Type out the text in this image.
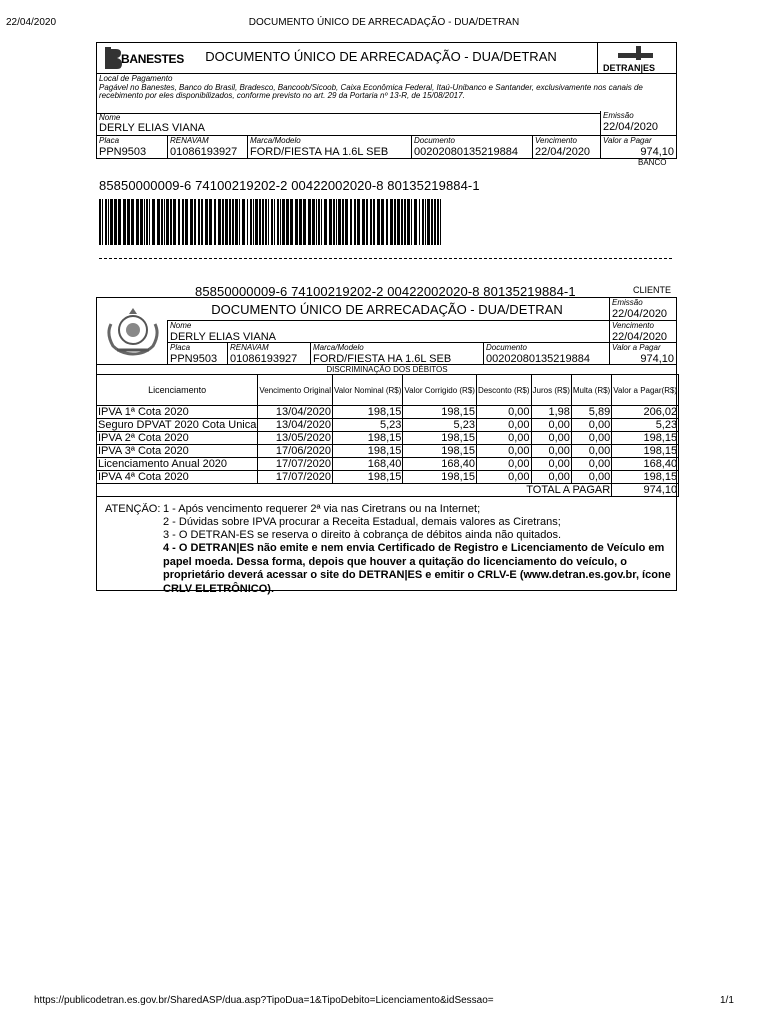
22/04/2020	DOCUMENTO ÚNICO DE ARRECADAÇÃO - DUA/DETRAN
BANESTES	DOCUMENTO ÚNICO DE ARRECADAÇÃO - DUA/DETRAN
DETRAN|ES
Local de Pagamento
Pagável no Banestes, Banco do Brasil, Bradesco, Bancoob/Sicoob, Caixa Econômica Federal, Itaú-Unibanco e Santander, exclusivamente nos canais de recebimento por eles disponibilizados, conforme previsto no art. 29 da Portaria nº 13-R, de 15/08/2017.
Nome
DERLY ELIAS VIANA
Emissão
22/04/2020
Placa
PPN9503
RENAVAM
01086193927
Marca/Modelo
FORD/FIESTA HA 1.6L SEB
Documento
00202080135219884
Vencimento
22/04/2020
Valor a Pagar
974,10
BANCO
85850000009-6 74100219202-2 00422002020-8 80135219884-1
85850000009-6 74100219202-2 00422002020-8 80135219884-1	CLIENTE
DOCUMENTO ÚNICO DE ARRECADAÇÃO - DUA/DETRAN	Emissão
22/04/2020
Vencimento
22/04/2020
Nome
DERLY ELIAS VIANA
Placa
PPN9503
RENAVAM
01086193927
Marca/Modelo
FORD/FIESTA HA 1.6L SEB
Documento
00202080135219884
Valor a Pagar
974,10
DISCRIMINAÇÃO DOS DÉBITOS
Licenciamento	Vencimento Original	Valor Nominal (R$)	Valor Corrigido (R$)	Desconto (R$)	Juros (R$)	Multa (R$)	Valor a Pagar(R$)
IPVA 1ª Cota 2020	13/04/2020	198,15	198,15	0,00	1,98	5,89	206,02
Seguro DPVAT 2020 Cota Unica	13/04/2020	5,23	5,23	0,00	0,00	0,00	5,23
IPVA 2ª Cota 2020	13/05/2020	198,15	198,15	0,00	0,00	0,00	198,15
IPVA 3ª Cota 2020	17/06/2020	198,15	198,15	0,00	0,00	0,00	198,15
Licenciamento Anual 2020	17/07/2020	168,40	168,40	0,00	0,00	0,00	168,40
IPVA 4ª Cota 2020	17/07/2020	198,15	198,15	0,00	0,00	0,00	198,15
TOTAL A PAGAR							974,10
ATENÇÃO: 1 - Após vencimento requerer 2ª via nas Ciretrans ou na Internet;
2 - Dúvidas sobre IPVA procurar a Receita Estadual, demais valores as Ciretrans;
3 - O DETRAN-ES se reserva o direito à cobrança de débitos ainda não quitados.
4 - O DETRAN|ES não emite e nem envia Certificado de Registro e Licenciamento de Veículo em papel moeda. Dessa forma, depois que houver a quitação do licenciamento do veículo, o proprietário deverá acessar o site do DETRAN|ES e emitir o CRLV-E (www.detran.es.gov.br, ícone CRLV ELETRÔNICO).
https://publicodetran.es.gov.br/SharedASP/dua.asp?TipoDua=1&TipoDebito=Licenciamento&idSessao=	1/1
